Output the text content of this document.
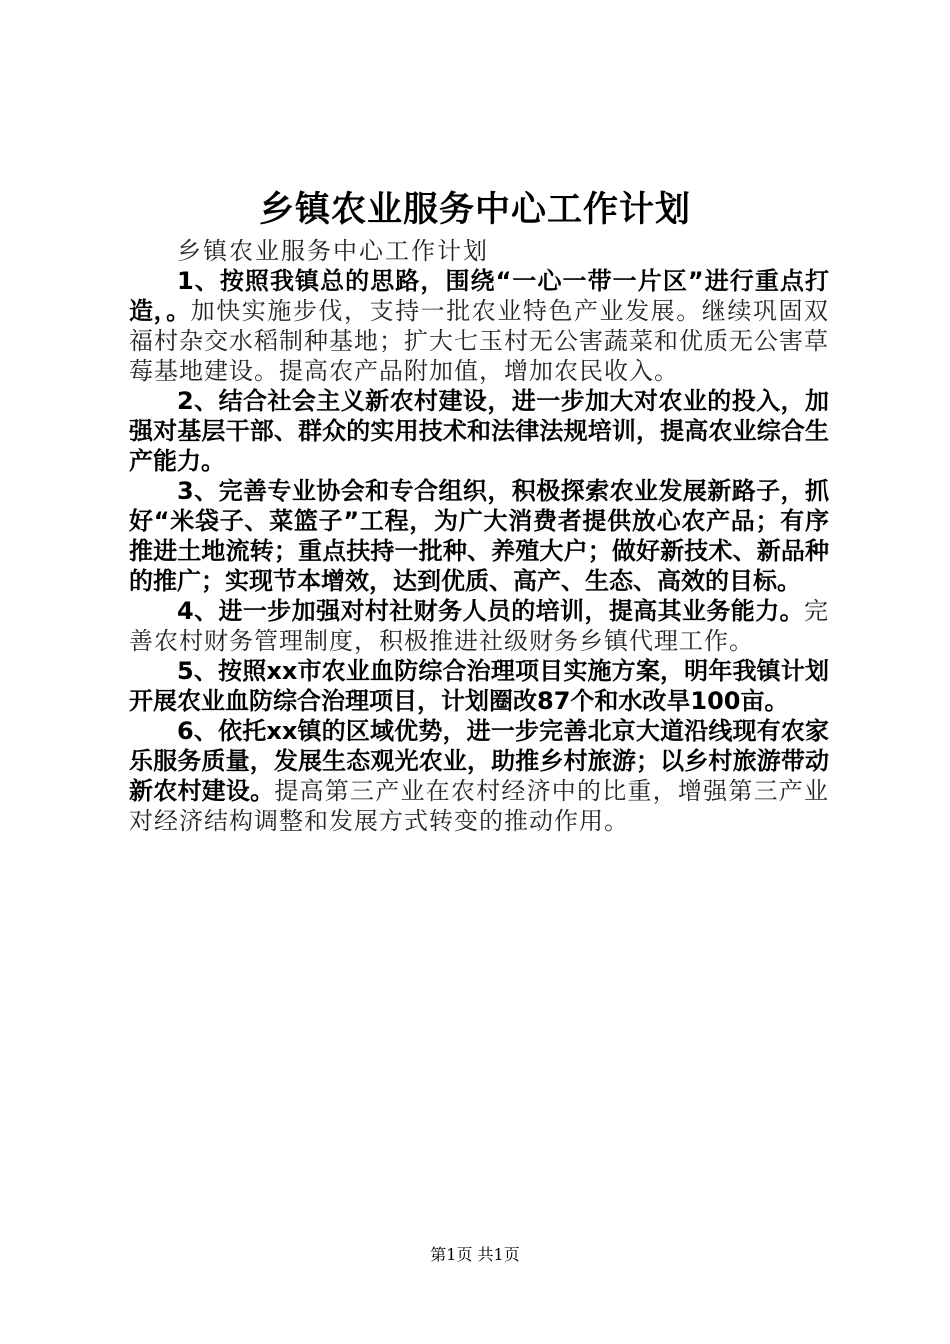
乡镇农业服务中心工作计划

乡镇农业服务中心工作计划

1、按照我镇总的思路，围绕“一心一带一片区”进行重点打造，。加快实施步伐，支持一批农业特色产业发展。继续巩固双福村杂交水稻制种基地；扩大七玉村无公害蔬菜和优质无公害草莓基地建设。提高农产品附加值，增加农民收入。

2、结合社会主义新农村建设，进一步加大对农业的投入，加强对基层干部、群众的实用技术和法律法规培训，提高农业综合生产能力。

3、完善专业协会和专合组织，积极探索农业发展新路子，抓好“米袋子、菜篮子”工程，为广大消费者提供放心农产品；有序推进土地流转；重点扶持一批种、养殖大户；做好新技术、新品种的推广；实现节本增效，达到优质、高产、生态、高效的目标。

4、进一步加强对村社财务人员的培训，提高其业务能力。完善农村财务管理制度，积极推进社级财务乡镇代理工作。

5、按照xx市农业血防综合治理项目实施方案，明年我镇计划开展农业血防综合治理项目，计划圈改87个和水改旱100亩。

6、依托xx镇的区域优势，进一步完善北京大道沿线现有农家乐服务质量，发展生态观光农业，助推乡村旅游；以乡村旅游带动新农村建设。提高第三产业在农村经济中的比重，增强第三产业对经济结构调整和发展方式转变的推动作用。

第1页 共1页
